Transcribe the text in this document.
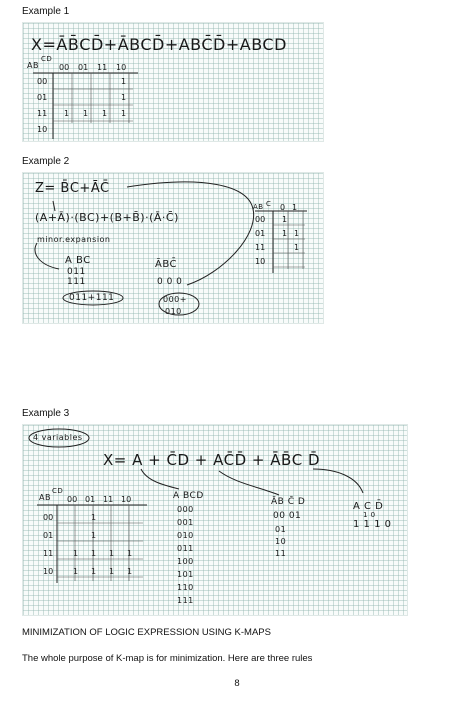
Example 1
X=ĀB̄CD̄+ĀBCD̄+ABC̄D̄+ABCD
AB
CD
00 01 11 10
00
01
11
10
1
1
1 1 1 1
Example 2
Z= B̄C+ĀC̄
(A+Ā)·(BC)+(B+B̄)·(Ā·C̄)
minor.expansion
A BC
011
111
011+111
ĀBC̄
0 0 0
000+
010
AB C 0 1
00
01
11
10
1
1 1
1
Example 3
4 variables
X= A + C̄D + AC̄D̄ + ĀB̄C D̄
AB
CD
00 01 11 10
00
01
11
10
1
1
1 1 1 1
1 1 1 1
A BCD
000
001
010
011
100
101
110
111
ĀB C̄ D
00 01
01
10
11
A C D̄
1 0
1 1 1 0
MINIMIZATION OF LOGIC EXPRESSION USING K-MAPS
The whole purpose of K-map is for minimization. Here are three rules
8
